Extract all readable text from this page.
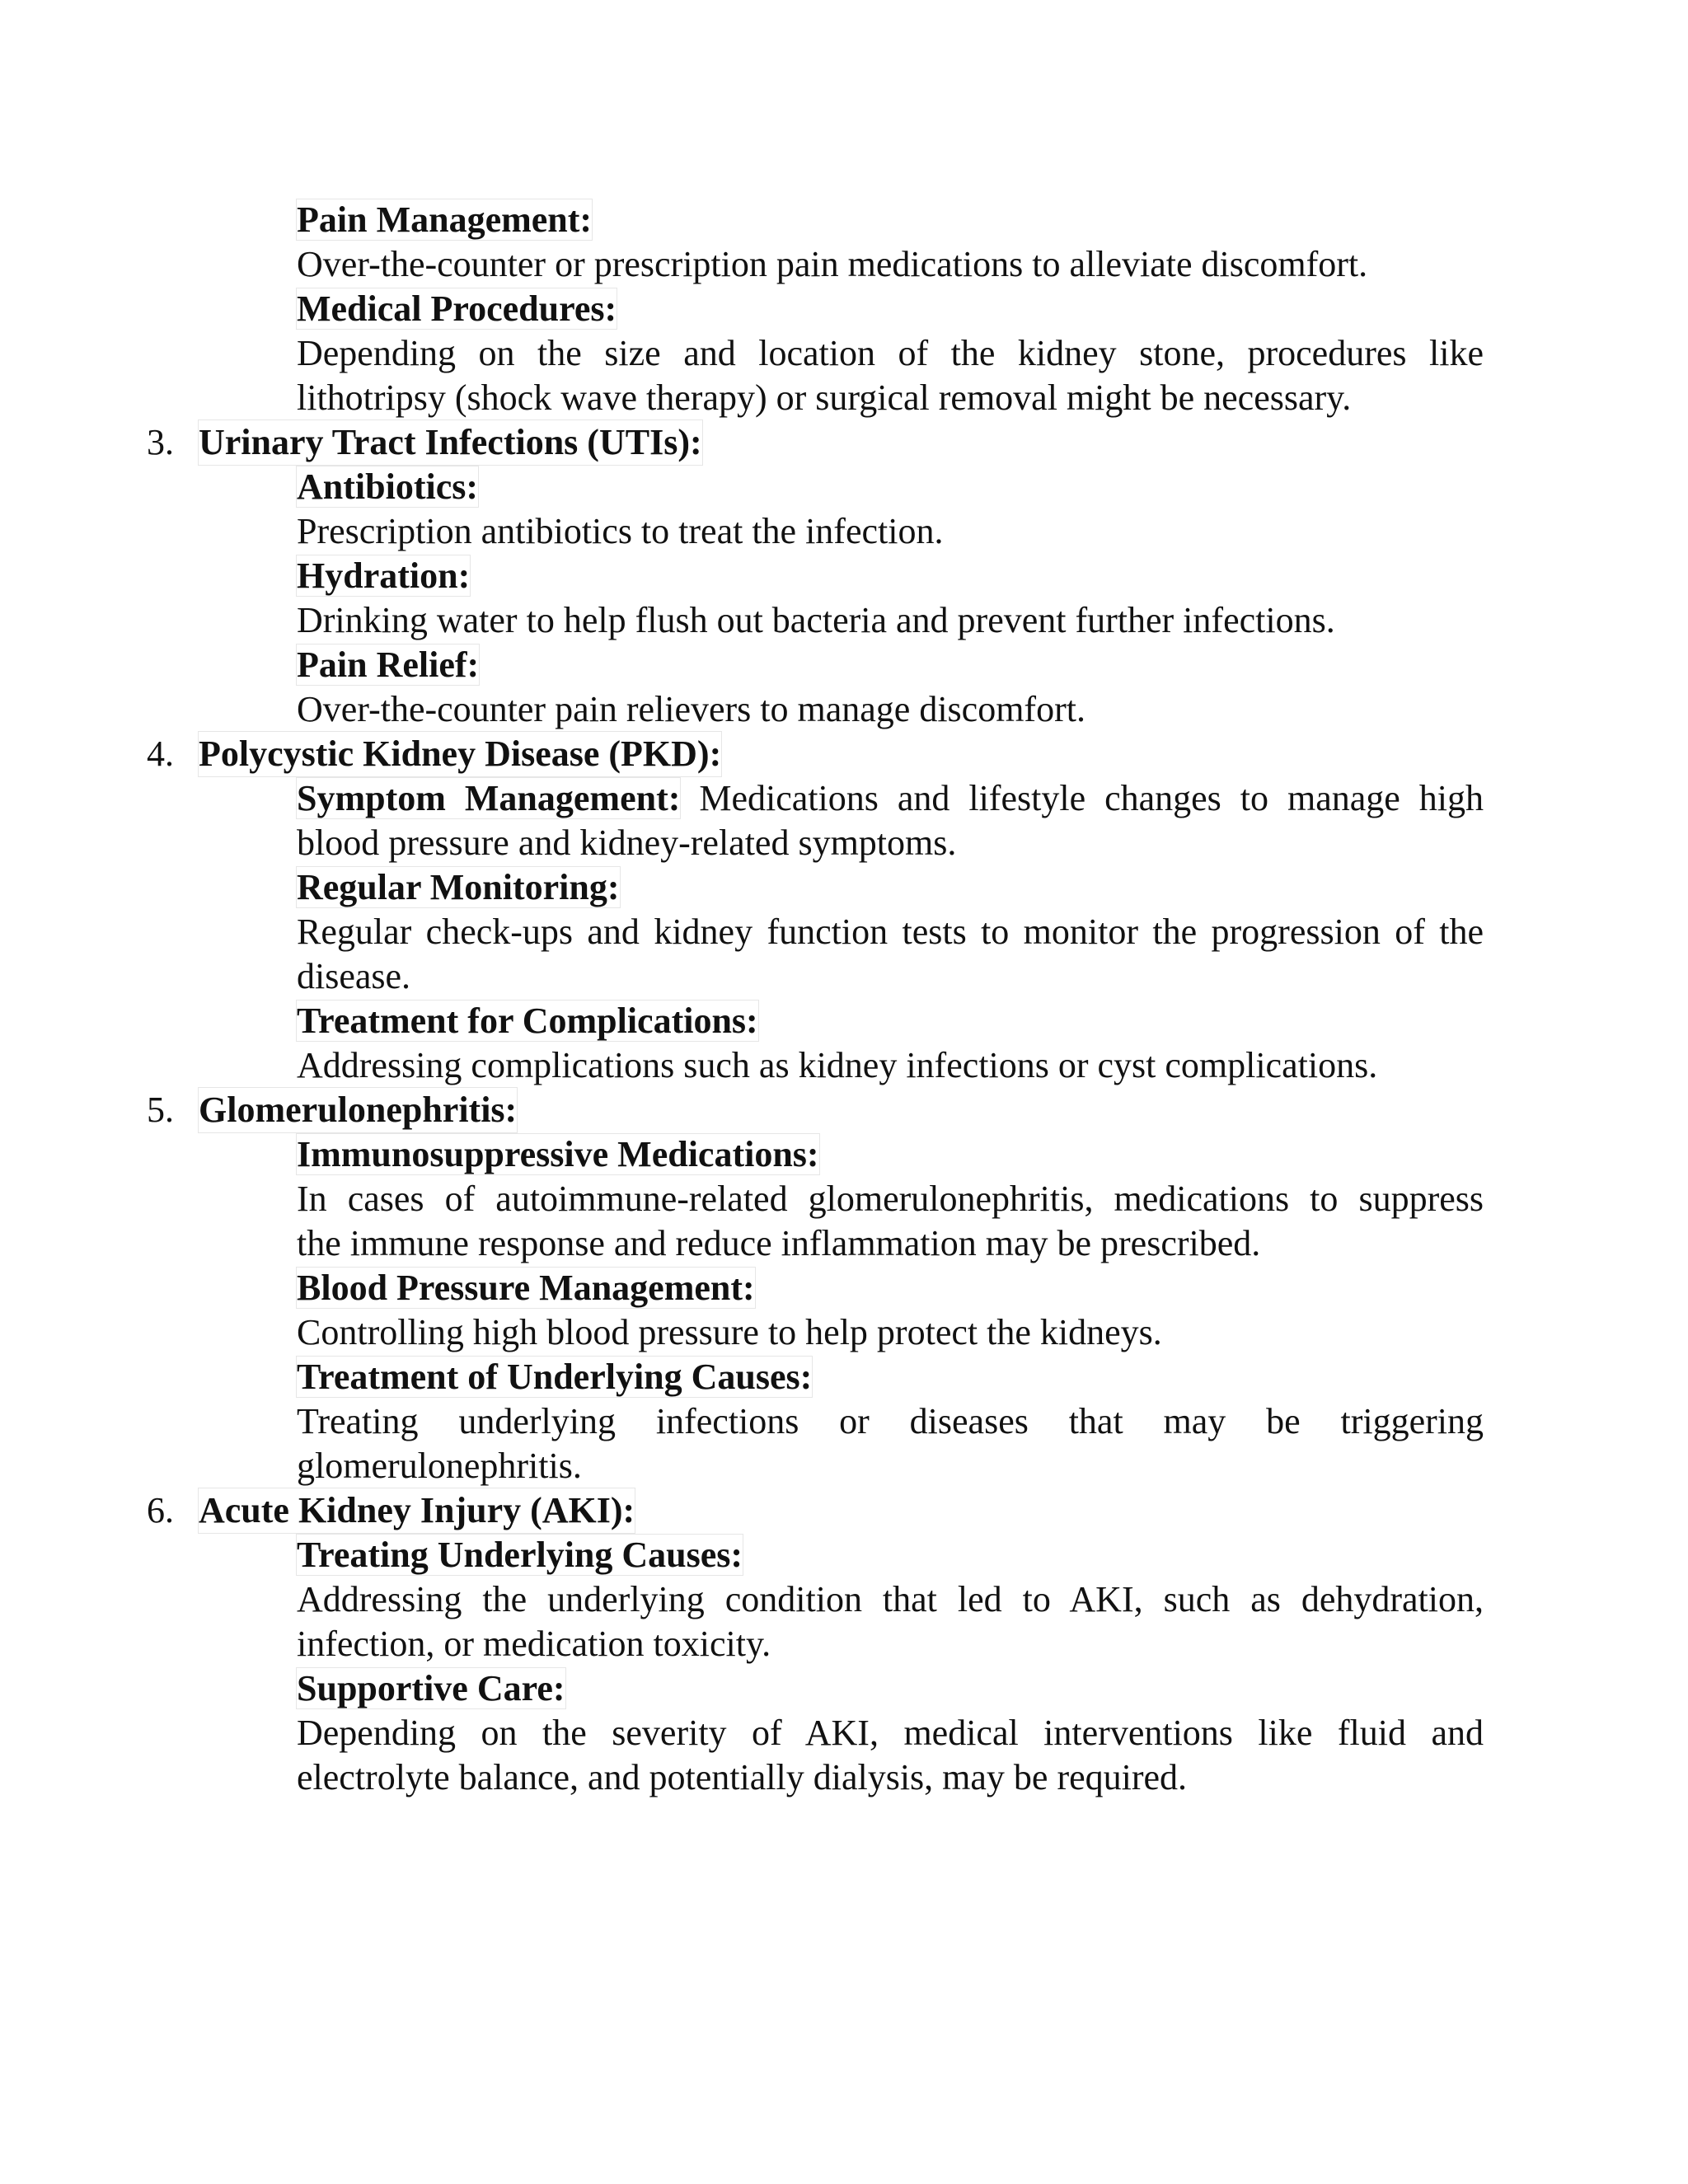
Pain Management:
Over-the-counter or prescription pain medications to alleviate discomfort.
Medical Procedures:
Depending on the size and location of the kidney stone, procedures like
lithotripsy (shock wave therapy) or surgical removal might be necessary.
3. Urinary Tract Infections (UTIs):
Antibiotics:
Prescription antibiotics to treat the infection.
Hydration:
Drinking water to help flush out bacteria and prevent further infections.
Pain Relief:
Over-the-counter pain relievers to manage discomfort.
4. Polycystic Kidney Disease (PKD):
Symptom Management: Medications and lifestyle changes to manage high
blood pressure and kidney-related symptoms.
Regular Monitoring:
Regular check-ups and kidney function tests to monitor the progression of the
disease.
Treatment for Complications:
Addressing complications such as kidney infections or cyst complications.
5. Glomerulonephritis:
Immunosuppressive Medications:
In cases of autoimmune-related glomerulonephritis, medications to suppress
the immune response and reduce inflammation may be prescribed.
Blood Pressure Management:
Controlling high blood pressure to help protect the kidneys.
Treatment of Underlying Causes:
Treating underlying infections or diseases that may be triggering
glomerulonephritis.
6. Acute Kidney Injury (AKI):
Treating Underlying Causes:
Addressing the underlying condition that led to AKI, such as dehydration,
infection, or medication toxicity.
Supportive Care:
Depending on the severity of AKI, medical interventions like fluid and
electrolyte balance, and potentially dialysis, may be required.
